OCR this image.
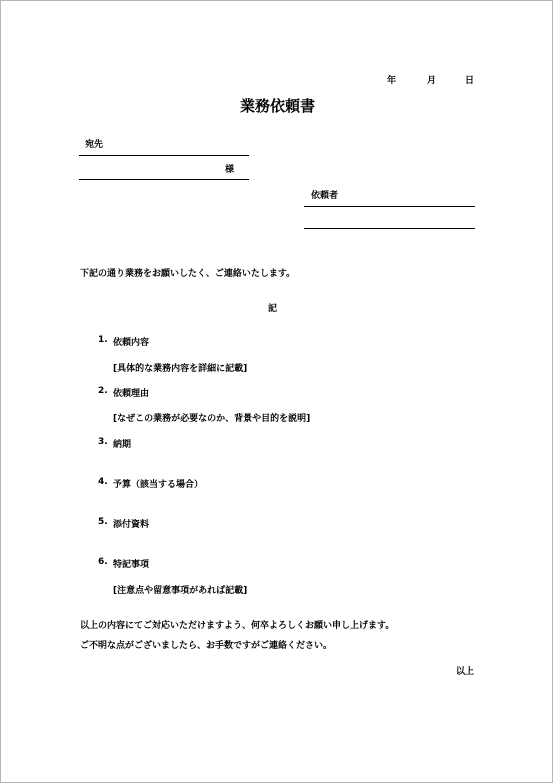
年	月	日
業務依頼書
宛先
様
依頼者
下記の通り業務をお願いしたく、ご連絡いたします。
記
1. 依頼内容
[具体的な業務内容を詳細に記載]
2. 依頼理由
[なぜこの業務が必要なのか、背景や目的を説明]
3. 納期
4. 予算（該当する場合）
5. 添付資料
6. 特記事項
[注意点や留意事項があれば記載]
以上の内容にてご対応いただけますよう、何卒よろしくお願い申し上げます。
ご不明な点がございましたら、お手数ですがご連絡ください。
以上
